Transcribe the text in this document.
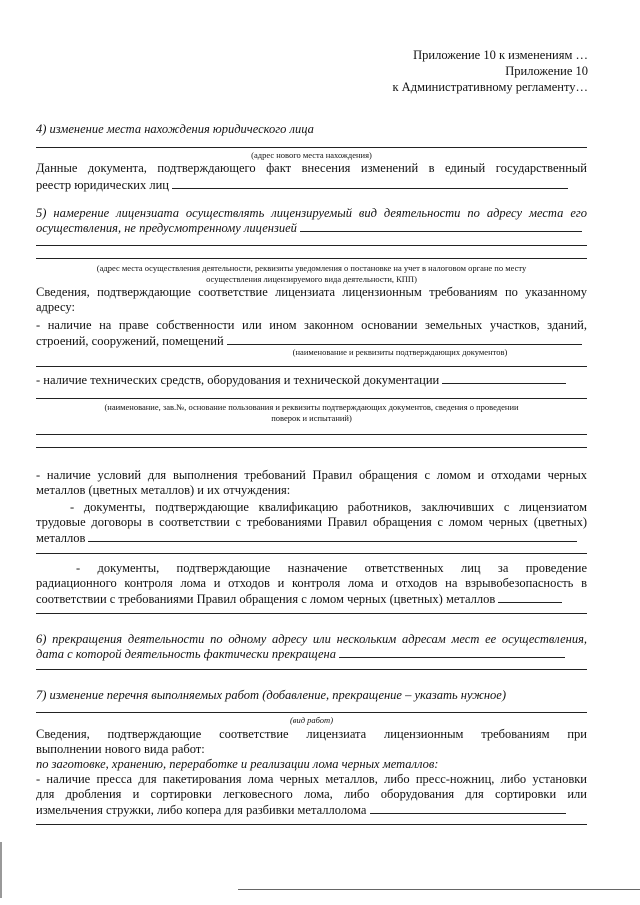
Приложение 10 к изменениям …
Приложение 10
к Административному регламенту…
4) изменение места нахождения юридического лица
(адрес нового места нахождения)
Данные документа, подтверждающего факт внесения изменений в единый государственный
реестр юридических лиц
5) намерение лицензиата осуществлять лицензируемый вид деятельности по адресу места его
осуществления, не предусмотренному лицензией
(адрес места осуществления деятельности, реквизиты уведомления о постановке на учет в налоговом органе по месту
осуществления лицензируемого вида деятельности, КПП)
Сведения, подтверждающие соответствие лицензиата лицензионным требованиям по указанному
адресу:
- наличие на праве собственности или ином законном основании земельных участков, зданий,
строений, сооружений, помещений
(наименование и реквизиты подтверждающих документов)
- наличие технических средств, оборудования и технической документации
(наименование, зав.№, основание пользования и реквизиты подтверждающих документов, сведения о проведении
поверок и испытаний)
- наличие условий для выполнения требований Правил обращения с ломом и отходами черных
металлов (цветных металлов) и их отчуждения:
- документы, подтверждающие квалификацию работников, заключивших с лицензиатом
трудовые договоры в соответствии с требованиями Правил обращения с ломом черных (цветных)
металлов
- документы, подтверждающие назначение ответственных лиц за проведение
радиационного контроля лома и отходов и контроля лома и отходов на взрывобезопасность в
соответствии с требованиями Правил обращения с ломом черных (цветных) металлов
6) прекращения деятельности по одному адресу или нескольким адресам мест ее осуществления,
дата с которой деятельность фактически прекращена
7) изменение перечня выполняемых работ (добавление, прекращение – указать нужное)
(вид работ)
Сведения, подтверждающие соответствие лицензиата лицензионным требованиям при
выполнении нового вида работ:
по заготовке, хранению, переработке и реализации лома черных металлов:
- наличие пресса для пакетирования лома черных металлов, либо пресс-ножниц, либо установки
для дробления и сортировки легковесного лома, либо оборудования для сортировки или
измельчения стружки, либо копера для разбивки металлолома
